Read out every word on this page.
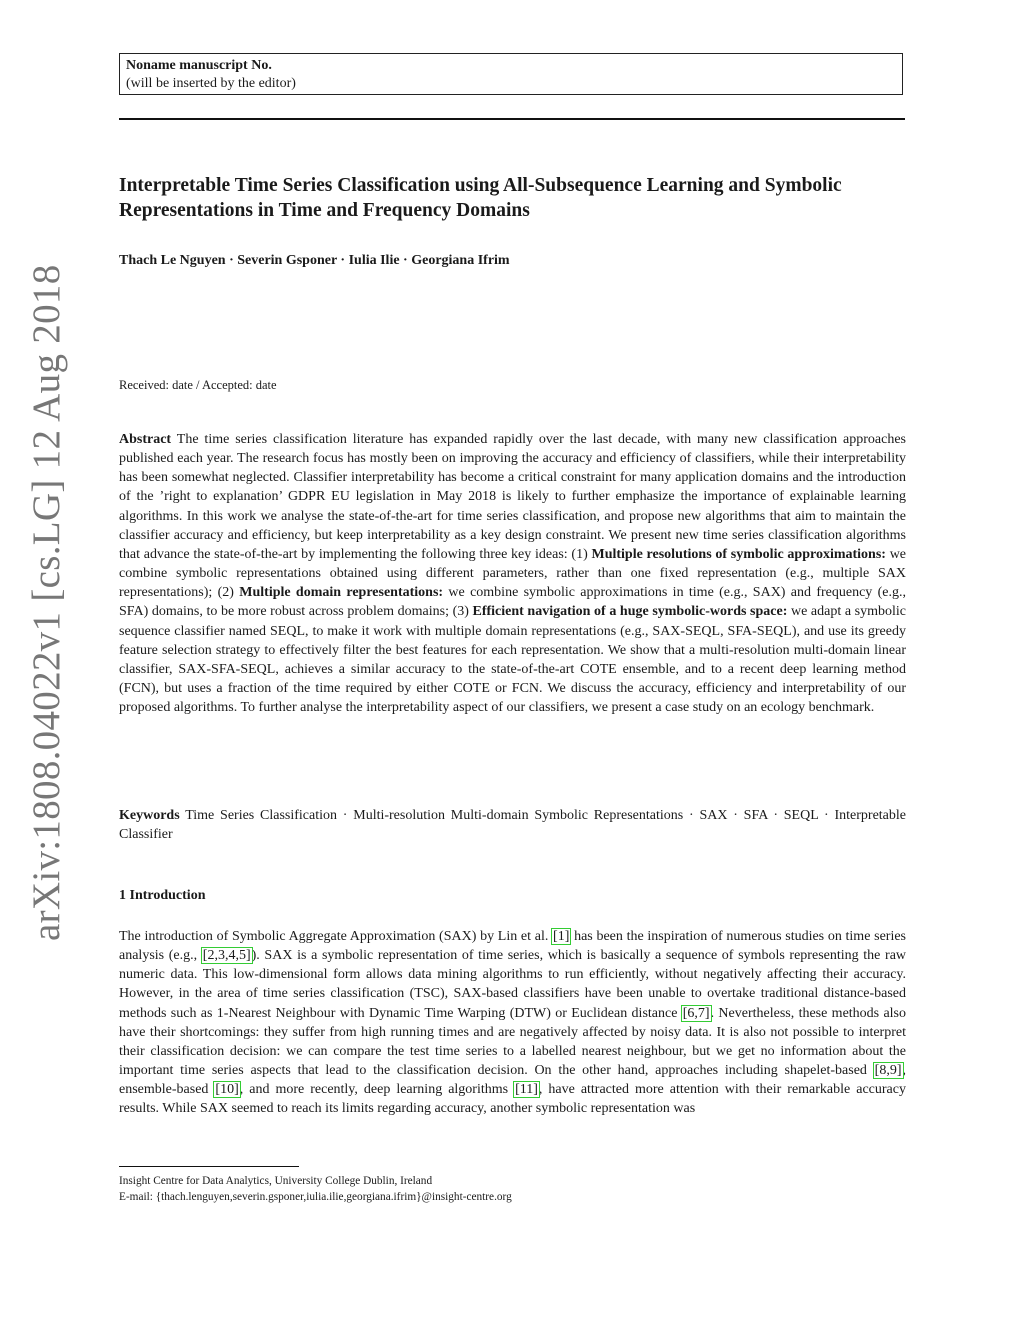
Noname manuscript No.
(will be inserted by the editor)
arXiv:1808.04022v1 [cs.LG] 12 Aug 2018
Interpretable Time Series Classification using All-Subsequence Learning and Symbolic Representations in Time and Frequency Domains
Thach Le Nguyen · Severin Gsponer · Iulia Ilie · Georgiana Ifrim
Received: date / Accepted: date

Abstract The time series classification literature has expanded rapidly over the last decade, with many new classification approaches published each year. The research focus has mostly been on improving the accuracy and efficiency of classifiers, while their interpretability has been somewhat neglected. Classifier interpretability has become a critical constraint for many application domains and the introduction of the ’right to explanation’ GDPR EU legislation in May 2018 is likely to further emphasize the importance of explainable learning algorithms. In this work we analyse the state-of-the-art for time series classification, and propose new algorithms that aim to maintain the classifier accuracy and efficiency, but keep interpretability as a key design constraint. We present new time series classification algorithms that advance the state-of-the-art by implementing the following three key ideas: (1) Multiple resolutions of symbolic approximations: we combine symbolic representations obtained using different parameters, rather than one fixed representation (e.g., multiple SAX representations); (2) Multiple domain representations: we combine symbolic approximations in time (e.g., SAX) and frequency (e.g., SFA) domains, to be more robust across problem domains; (3) Efficient navigation of a huge symbolic-words space: we adapt a symbolic sequence classifier named SEQL, to make it work with multiple domain representations (e.g., SAX-SEQL, SFA-SEQL), and use its greedy feature selection strategy to effectively filter the best features for each representation. We show that a multi-resolution multi-domain linear classifier, SAX-SFA-SEQL, achieves a similar accuracy to the state-of-the-art COTE ensemble, and to a recent deep learning method (FCN), but uses a fraction of the time required by either COTE or FCN. We discuss the accuracy, efficiency and interpretability of our proposed algorithms. To further analyse the interpretability aspect of our classifiers, we present a case study on an ecology benchmark.

Keywords Time Series Classification · Multi-resolution Multi-domain Symbolic Representations · SAX · SFA · SEQL · Interpretable Classifier

1 Introduction

The introduction of Symbolic Aggregate Approximation (SAX) by Lin et al. [1] has been the inspiration of numerous studies on time series analysis (e.g., [2,3,4,5]). SAX is a symbolic representation of time series, which is basically a sequence of symbols representing the raw numeric data. This low-dimensional form allows data mining algorithms to run efficiently, without negatively affecting their accuracy. However, in the area of time series classification (TSC), SAX-based classifiers have been unable to overtake traditional distance-based methods such as 1-Nearest Neighbour with Dynamic Time Warping (DTW) or Euclidean distance [6,7]. Nevertheless, these methods also have their shortcomings: they suffer from high running times and are negatively affected by noisy data. It is also not possible to interpret their classification decision: we can compare the test time series to a labelled nearest neighbour, but we get no information about the important time series aspects that lead to the classification decision. On the other hand, approaches including shapelet-based [8,9], ensemble-based [10], and more recently, deep learning algorithms [11], have attracted more attention with their remarkable accuracy results. While SAX seemed to reach its limits regarding accuracy, another symbolic representation was

Insight Centre for Data Analytics, University College Dublin, Ireland
E-mail: {thach.lenguyen,severin.gsponer,iulia.ilie,georgiana.ifrim}@insight-centre.org
